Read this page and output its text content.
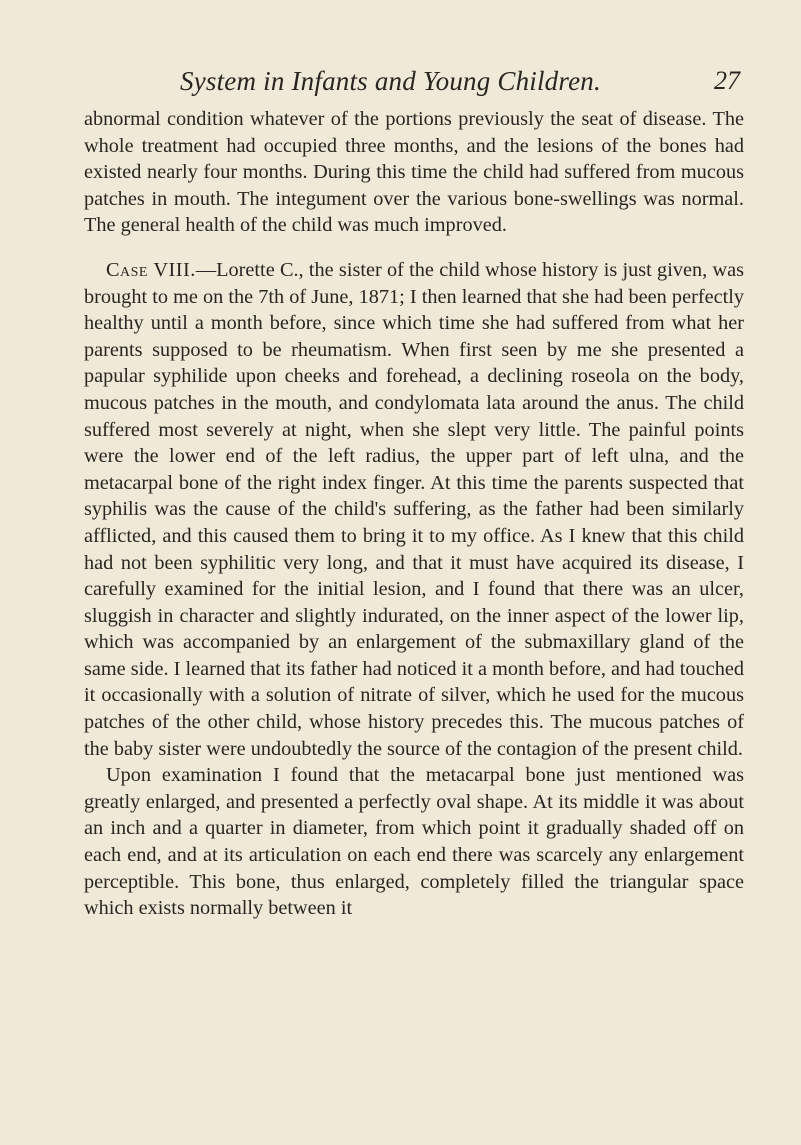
System in Infants and Young Children.	27

abnormal condition whatever of the portions previously the seat of disease. The whole treatment had occupied three months, and the lesions of the bones had existed nearly four months. During this time the child had suffered from mucous patches in mouth. The integument over the various bone-swellings was normal. The general health of the child was much improved.

Case VIII.—Lorette C., the sister of the child whose history is just given, was brought to me on the 7th of June, 1871; I then learned that she had been perfectly healthy until a month before, since which time she had suffered from what her parents supposed to be rheumatism. When first seen by me she presented a papular syphilide upon cheeks and forehead, a declining roseola on the body, mucous patches in the mouth, and condylomata lata around the anus. The child suffered most severely at night, when she slept very little. The painful points were the lower end of the left radius, the upper part of left ulna, and the metacarpal bone of the right index finger. At this time the parents suspected that syphilis was the cause of the child's suffering, as the father had been similarly afflicted, and this caused them to bring it to my office. As I knew that this child had not been syphilitic very long, and that it must have acquired its disease, I carefully examined for the initial lesion, and I found that there was an ulcer, sluggish in character and slightly indurated, on the inner aspect of the lower lip, which was accompanied by an enlargement of the submaxillary gland of the same side. I learned that its father had noticed it a month before, and had touched it occasionally with a solution of nitrate of silver, which he used for the mucous patches of the other child, whose history precedes this. The mucous patches of the baby sister were undoubtedly the source of the contagion of the present child.

Upon examination I found that the metacarpal bone just mentioned was greatly enlarged, and presented a perfectly oval shape. At its middle it was about an inch and a quarter in diameter, from which point it gradually shaded off on each end, and at its articulation on each end there was scarcely any enlargement perceptible. This bone, thus enlarged, completely filled the triangular space which exists normally between it
